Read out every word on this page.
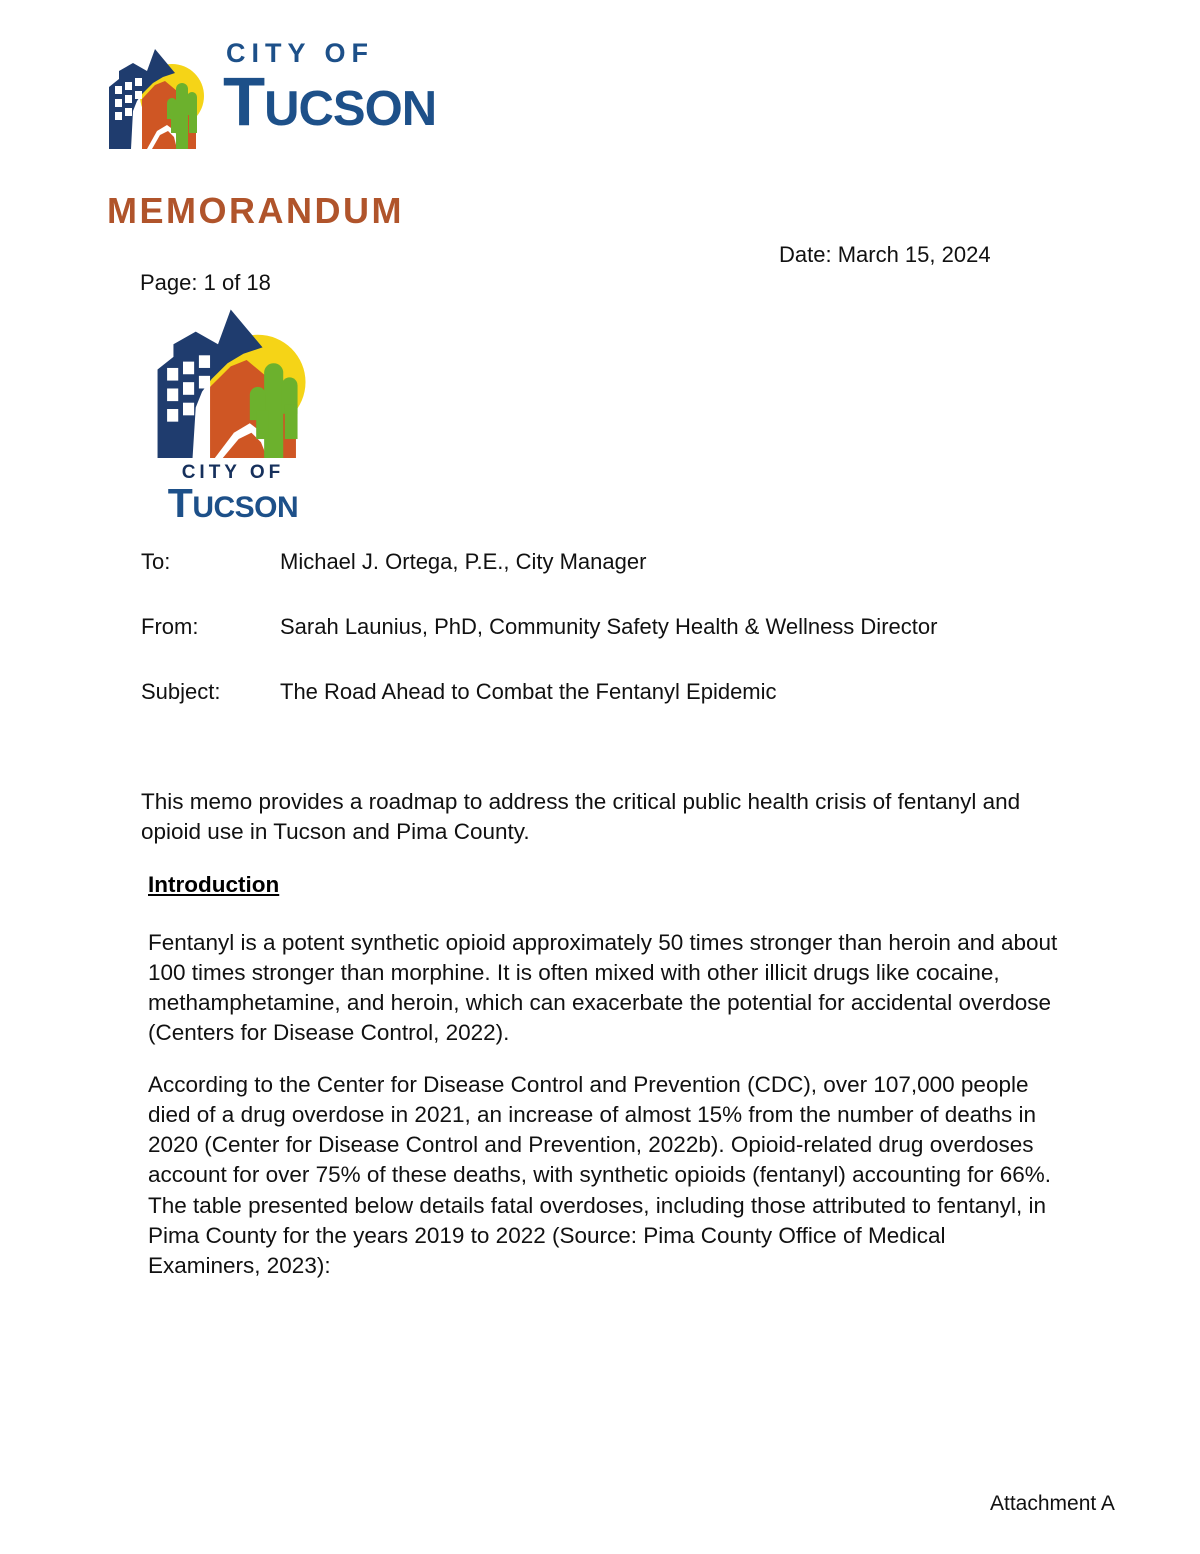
CITY OF
TUCSON
MEMORANDUM
Date: March 15, 2024
Page: 1 of 18
CITY OF
TUCSON
To:	Michael J. Ortega, P.E., City Manager
From:	Sarah Launius, PhD, Community Safety Health & Wellness Director
Subject:	The Road Ahead to Combat the Fentanyl Epidemic
This memo provides a roadmap to address the critical public health crisis of fentanyl and opioid use in Tucson and Pima County.
Introduction
Fentanyl is a potent synthetic opioid approximately 50 times stronger than heroin and about 100 times stronger than morphine. It is often mixed with other illicit drugs like cocaine, methamphetamine, and heroin, which can exacerbate the potential for accidental overdose (Centers for Disease Control, 2022).
According to the Center for Disease Control and Prevention (CDC), over 107,000 people died of a drug overdose in 2021, an increase of almost 15% from the number of deaths in 2020 (Center for Disease Control and Prevention, 2022b). Opioid-related drug overdoses account for over 75% of these deaths, with synthetic opioids (fentanyl) accounting for 66%. The table presented below details fatal overdoses, including those attributed to fentanyl, in Pima County for the years 2019 to 2022 (Source: Pima County Office of Medical Examiners, 2023):
Attachment A
